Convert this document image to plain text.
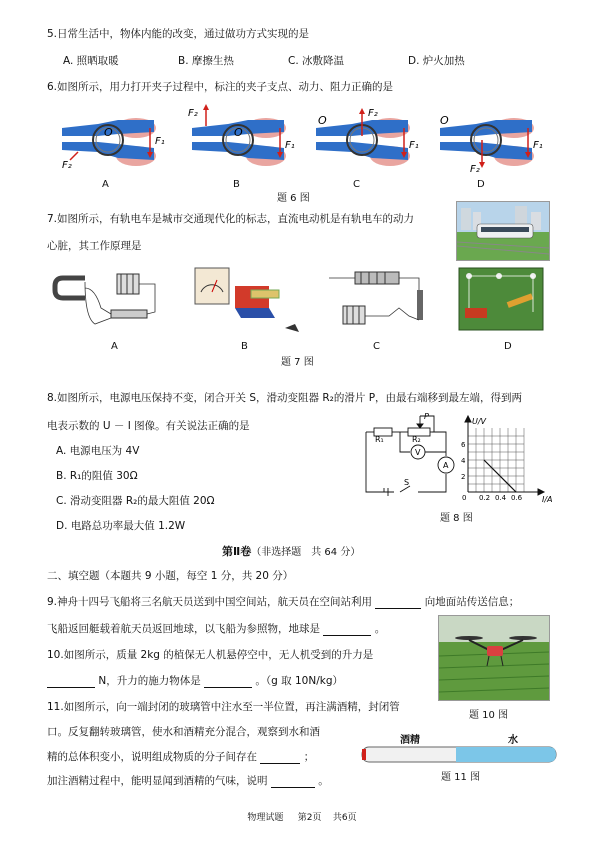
5.日常生活中，物体内能的改变，通过做功方式实现的是
A. 照晒取暖	B. 摩擦生热	C. 冰敷降温	D. 炉火加热
6.如图所示，用力打开夹子过程中，标注的夹子支点、动力、阻力正确的是
O
F₁
F₂
O
F₂
F₁
O
F₂
F₁
O
F₂
F₁
A	B	C	D
题 6 图
7.如图所示，有轨电车是城市交通现代化的标志，直流电动机是有轨电车的动力
心脏，其工作原理是
A	B	C	D
题 7 图
8.如图所示，电源电压保持不变，闭合开关 S，滑动变阻器 R₂的滑片 P，由最右端移到最左端，得到两
电表示数的 U － I 图像。有关说法正确的是
A. 电源电压为 4V
B. R₁的阻值 30Ω
C. 滑动变阻器 R₂的最大阻值 20Ω
D. 电路总功率最大值 1.2W
R₁	R₂
P
V
A
S
U/V
I/A
6
4
2
0 0.2 0.4 0.6
题 8 图
第Ⅱ卷（非选择题　共 64 分）
二、填空题（本题共 9 小题，每空 1 分，共 20 分）
9.神舟十四号飞船将三名航天员送到中国空间站，航天员在空间站利用	向地面站传送信息；
飞船返回艇载着航天员返回地球，以飞船为参照物，地球是	。
10.如图所示，质量 2kg 的植保无人机悬停空中，无人机受到的升力是
N，升力的施力物体是	。（g 取 10N/kg）
题 10 图
11.如图所示，向一端封闭的玻璃管中注水至一半位置，再注满酒精，封闭管
口。反复翻转玻璃管，使水和酒精充分混合，观察到水和酒
精的总体积变小，说明组成物质的分子间存在	；
加注酒精过程中，能明显闻到酒精的气味，说明	。
酒精	水
题 11 图
物理试题 第2页 共6页
